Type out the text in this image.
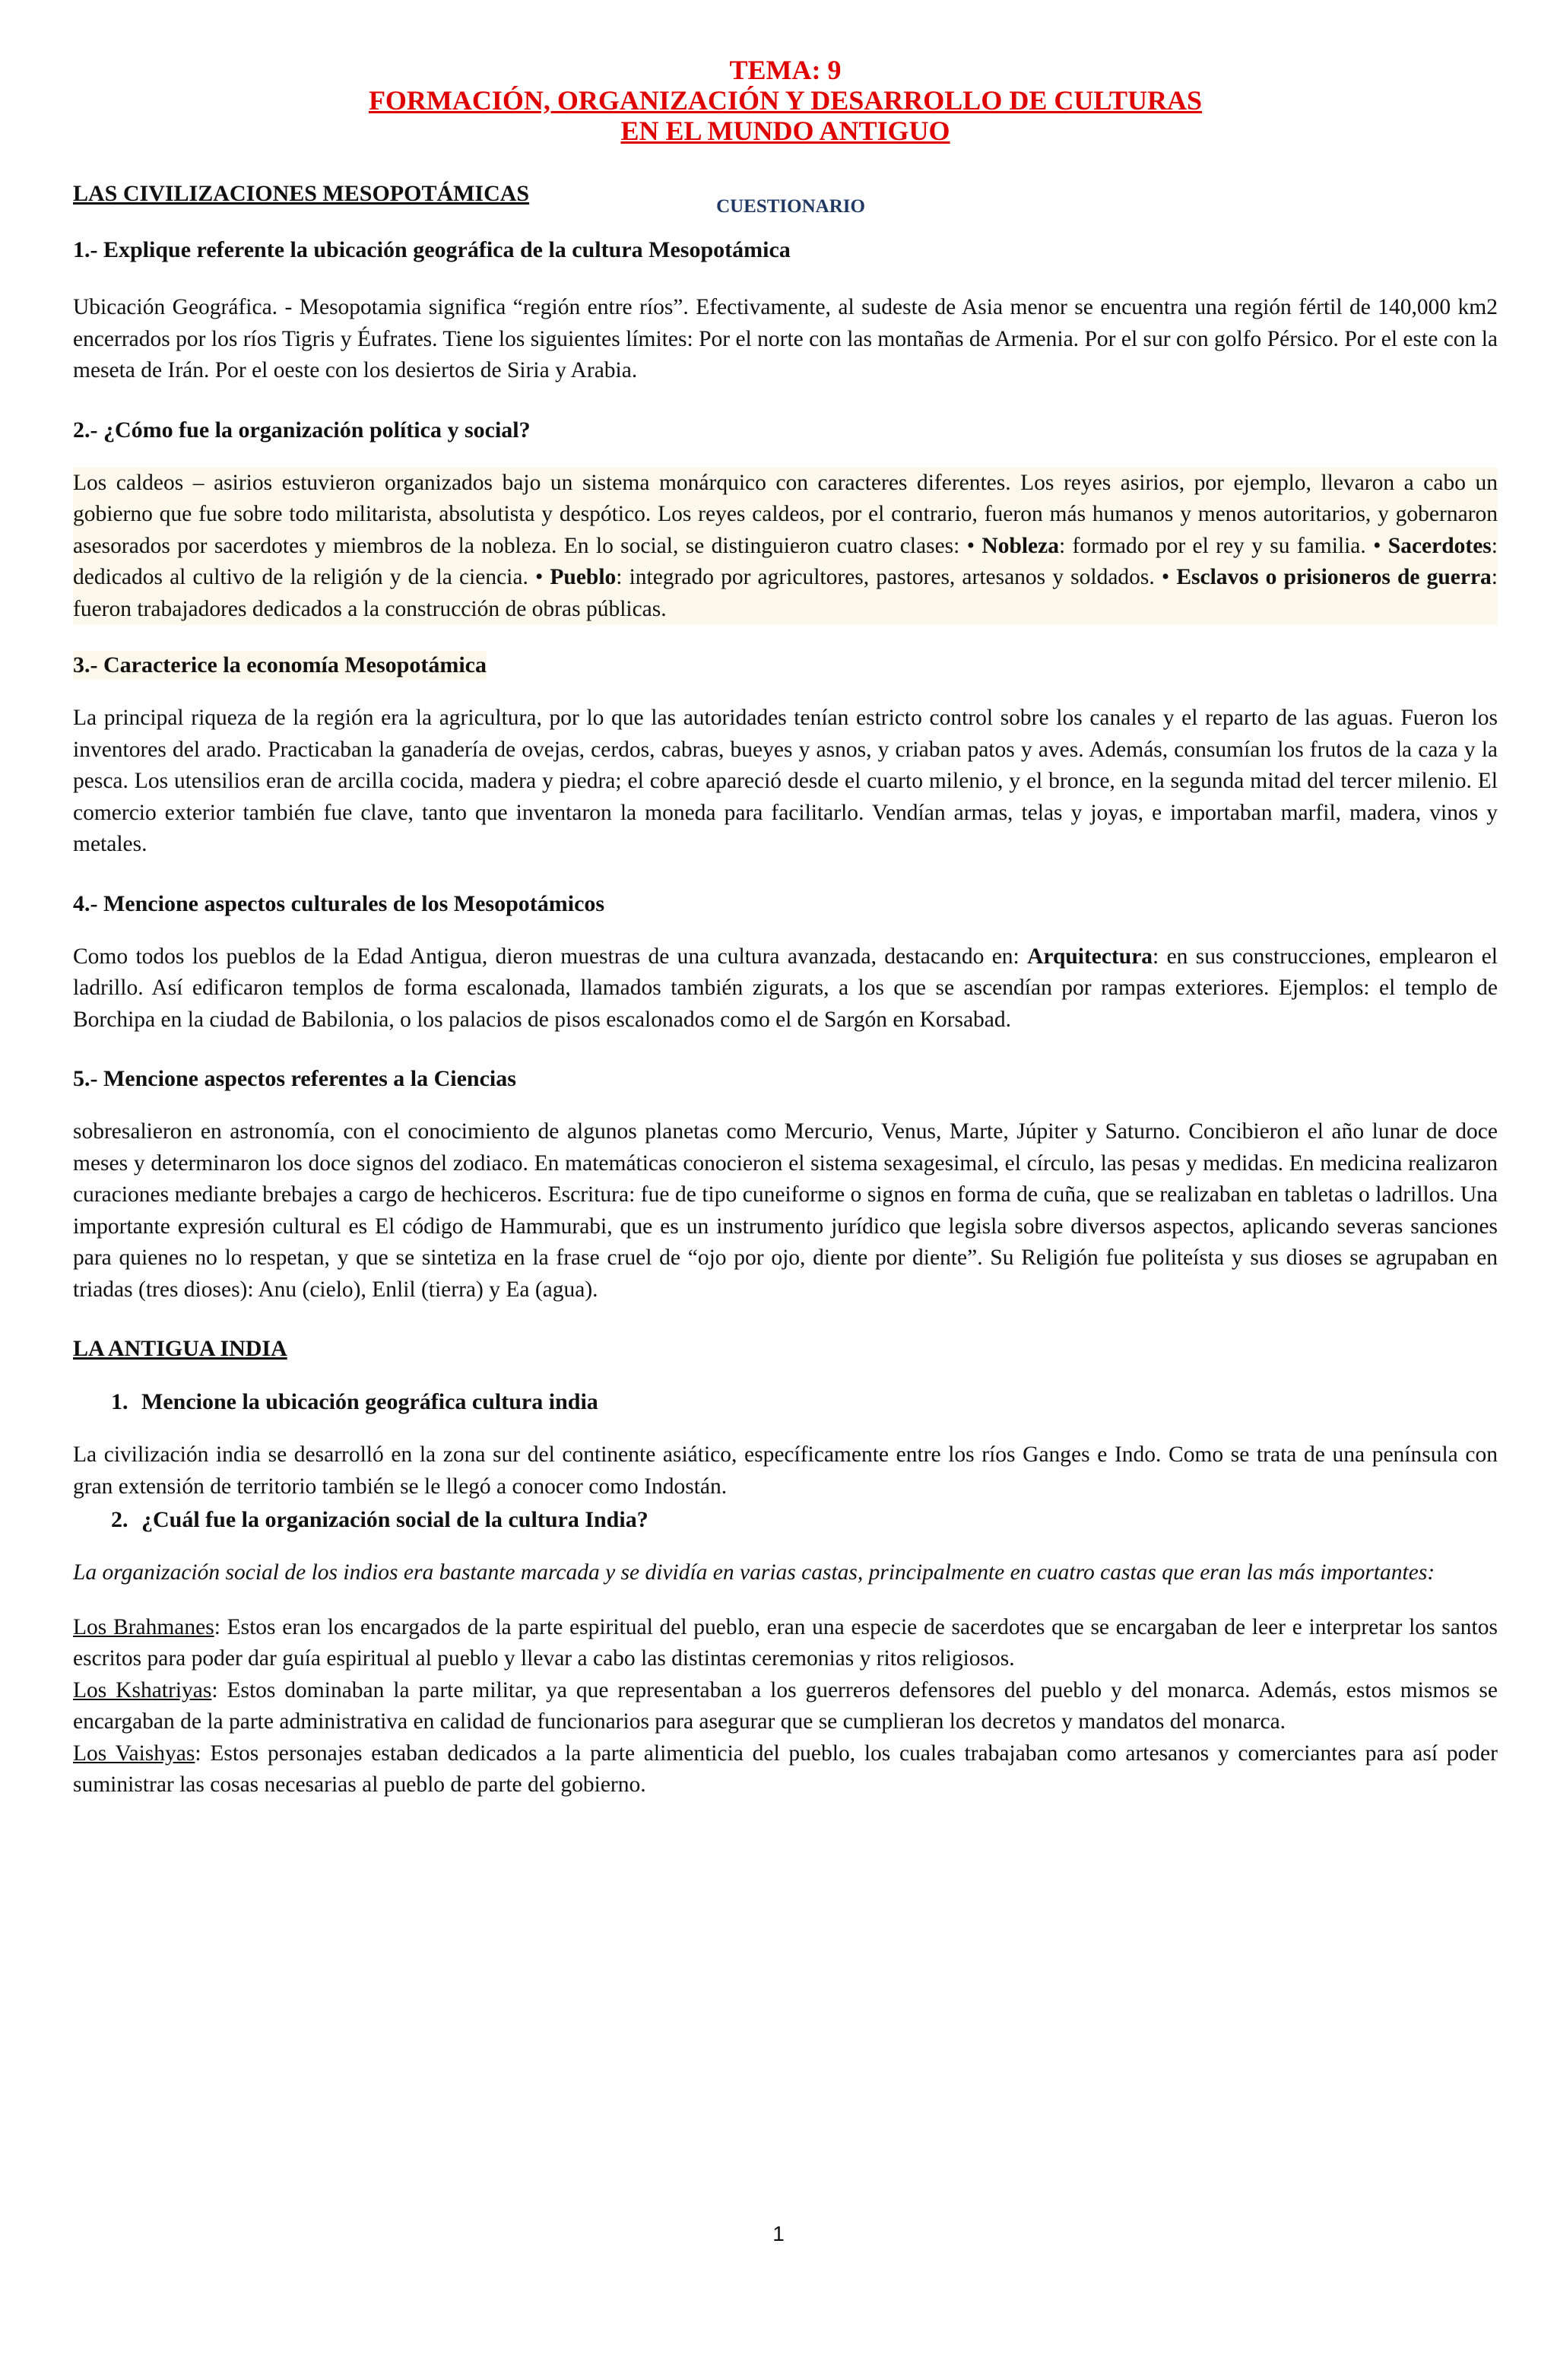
TEMA: 9
FORMACIÓN, ORGANIZACIÓN Y DESARROLLO DE CULTURAS
EN EL MUNDO ANTIGUO
CUESTIONARIO

LAS CIVILIZACIONES MESOPOTÁMICAS

1.- Explique referente la ubicación geográfica de la cultura Mesopotámica

Ubicación Geográfica. - Mesopotamia significa “región entre ríos”. Efectivamente, al sudeste de Asia menor se encuentra una región fértil de 140,000 km2 encerrados por los ríos Tigris y Éufrates. Tiene los siguientes límites: Por el norte con las montañas de Armenia. Por el sur con golfo Pérsico. Por el este con la meseta de Irán. Por el oeste con los desiertos de Siria y Arabia.

2.- ¿Cómo fue la organización política y social?

Los caldeos – asirios estuvieron organizados bajo un sistema monárquico con caracteres diferentes. Los reyes asirios, por ejemplo, llevaron a cabo un gobierno que fue sobre todo militarista, absolutista y despótico. Los reyes caldeos, por el contrario, fueron más humanos y menos autoritarios, y gobernaron asesorados por sacerdotes y miembros de la nobleza. En lo social, se distinguieron cuatro clases: • Nobleza: formado por el rey y su familia. • Sacerdotes: dedicados al cultivo de la religión y de la ciencia. • Pueblo: integrado por agricultores, pastores, artesanos y soldados. • Esclavos o prisioneros de guerra: fueron trabajadores dedicados a la construcción de obras públicas.

3.- Caracterice la economía Mesopotámica

La principal riqueza de la región era la agricultura, por lo que las autoridades tenían estricto control sobre los canales y el reparto de las aguas. Fueron los inventores del arado. Practicaban la ganadería de ovejas, cerdos, cabras, bueyes y asnos, y criaban patos y aves. Además, consumían los frutos de la caza y la pesca. Los utensilios eran de arcilla cocida, madera y piedra; el cobre apareció desde el cuarto milenio, y el bronce, en la segunda mitad del tercer milenio. El comercio exterior también fue clave, tanto que inventaron la moneda para facilitarlo. Vendían armas, telas y joyas, e importaban marfil, madera, vinos y metales.

4.- Mencione aspectos culturales de los Mesopotámicos

Como todos los pueblos de la Edad Antigua, dieron muestras de una cultura avanzada, destacando en: Arquitectura: en sus construcciones, emplearon el ladrillo. Así edificaron templos de forma escalonada, llamados también zigurats, a los que se ascendían por rampas exteriores. Ejemplos: el templo de Borchipa en la ciudad de Babilonia, o los palacios de pisos escalonados como el de Sargón en Korsabad.

5.- Mencione aspectos referentes a la Ciencias

sobresalieron en astronomía, con el conocimiento de algunos planetas como Mercurio, Venus, Marte, Júpiter y Saturno. Concibieron el año lunar de doce meses y determinaron los doce signos del zodiaco. En matemáticas conocieron el sistema sexagesimal, el círculo, las pesas y medidas. En medicina realizaron curaciones mediante brebajes a cargo de hechiceros. Escritura: fue de tipo cuneiforme o signos en forma de cuña, que se realizaban en tabletas o ladrillos. Una importante expresión cultural es El código de Hammurabi, que es un instrumento jurídico que legisla sobre diversos aspectos, aplicando severas sanciones para quienes no lo respetan, y que se sintetiza en la frase cruel de “ojo por ojo, diente por diente”. Su Religión fue politeísta y sus dioses se agrupaban en triadas (tres dioses): Anu (cielo), Enlil (tierra) y Ea (agua).

LA ANTIGUA INDIA

1. Mencione la ubicación geográfica cultura india

La civilización india se desarrolló en la zona sur del continente asiático, específicamente entre los ríos Ganges e Indo. Como se trata de una península con gran extensión de territorio también se le llegó a conocer como Indostán.

2. ¿Cuál fue la organización social de la cultura India?

La organización social de los indios era bastante marcada y se dividía en varias castas, principalmente en cuatro castas que eran las más importantes:

Los Brahmanes: Estos eran los encargados de la parte espiritual del pueblo, eran una especie de sacerdotes que se encargaban de leer e interpretar los santos escritos para poder dar guía espiritual al pueblo y llevar a cabo las distintas ceremonias y ritos religiosos.

Los Kshatriyas: Estos dominaban la parte militar, ya que representaban a los guerreros defensores del pueblo y del monarca. Además, estos mismos se encargaban de la parte administrativa en calidad de funcionarios para asegurar que se cumplieran los decretos y mandatos del monarca.

Los Vaishyas: Estos personajes estaban dedicados a la parte alimenticia del pueblo, los cuales trabajaban como artesanos y comerciantes para así poder suministrar las cosas necesarias al pueblo de parte del gobierno.

1
